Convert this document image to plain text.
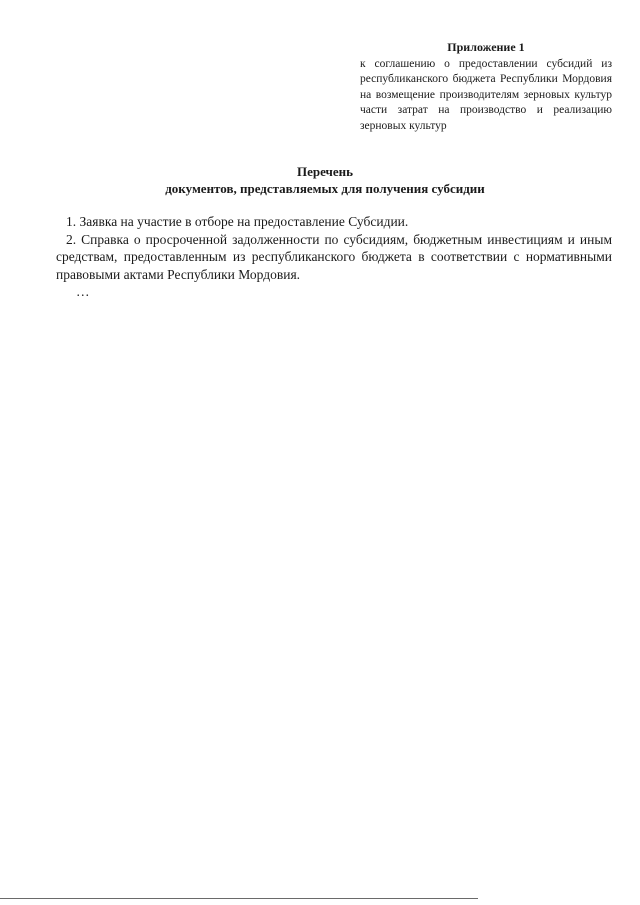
Приложение 1

к соглашению о предоставлении субсидий из республиканского бюджета Республики Мордовия на возмещение производителям зерновых культур части затрат на производство и реализацию зерновых культур

Перечень
документов, представляемых для получения субсидии

1. Заявка на участие в отборе на предоставление Субсидии.

2. Справка о просроченной задолженности по субсидиям, бюджетным инвестициям и иным средствам, предоставленным из республиканского бюджета в соответствии с нормативными правовыми актами Республики Мордовия.

…
